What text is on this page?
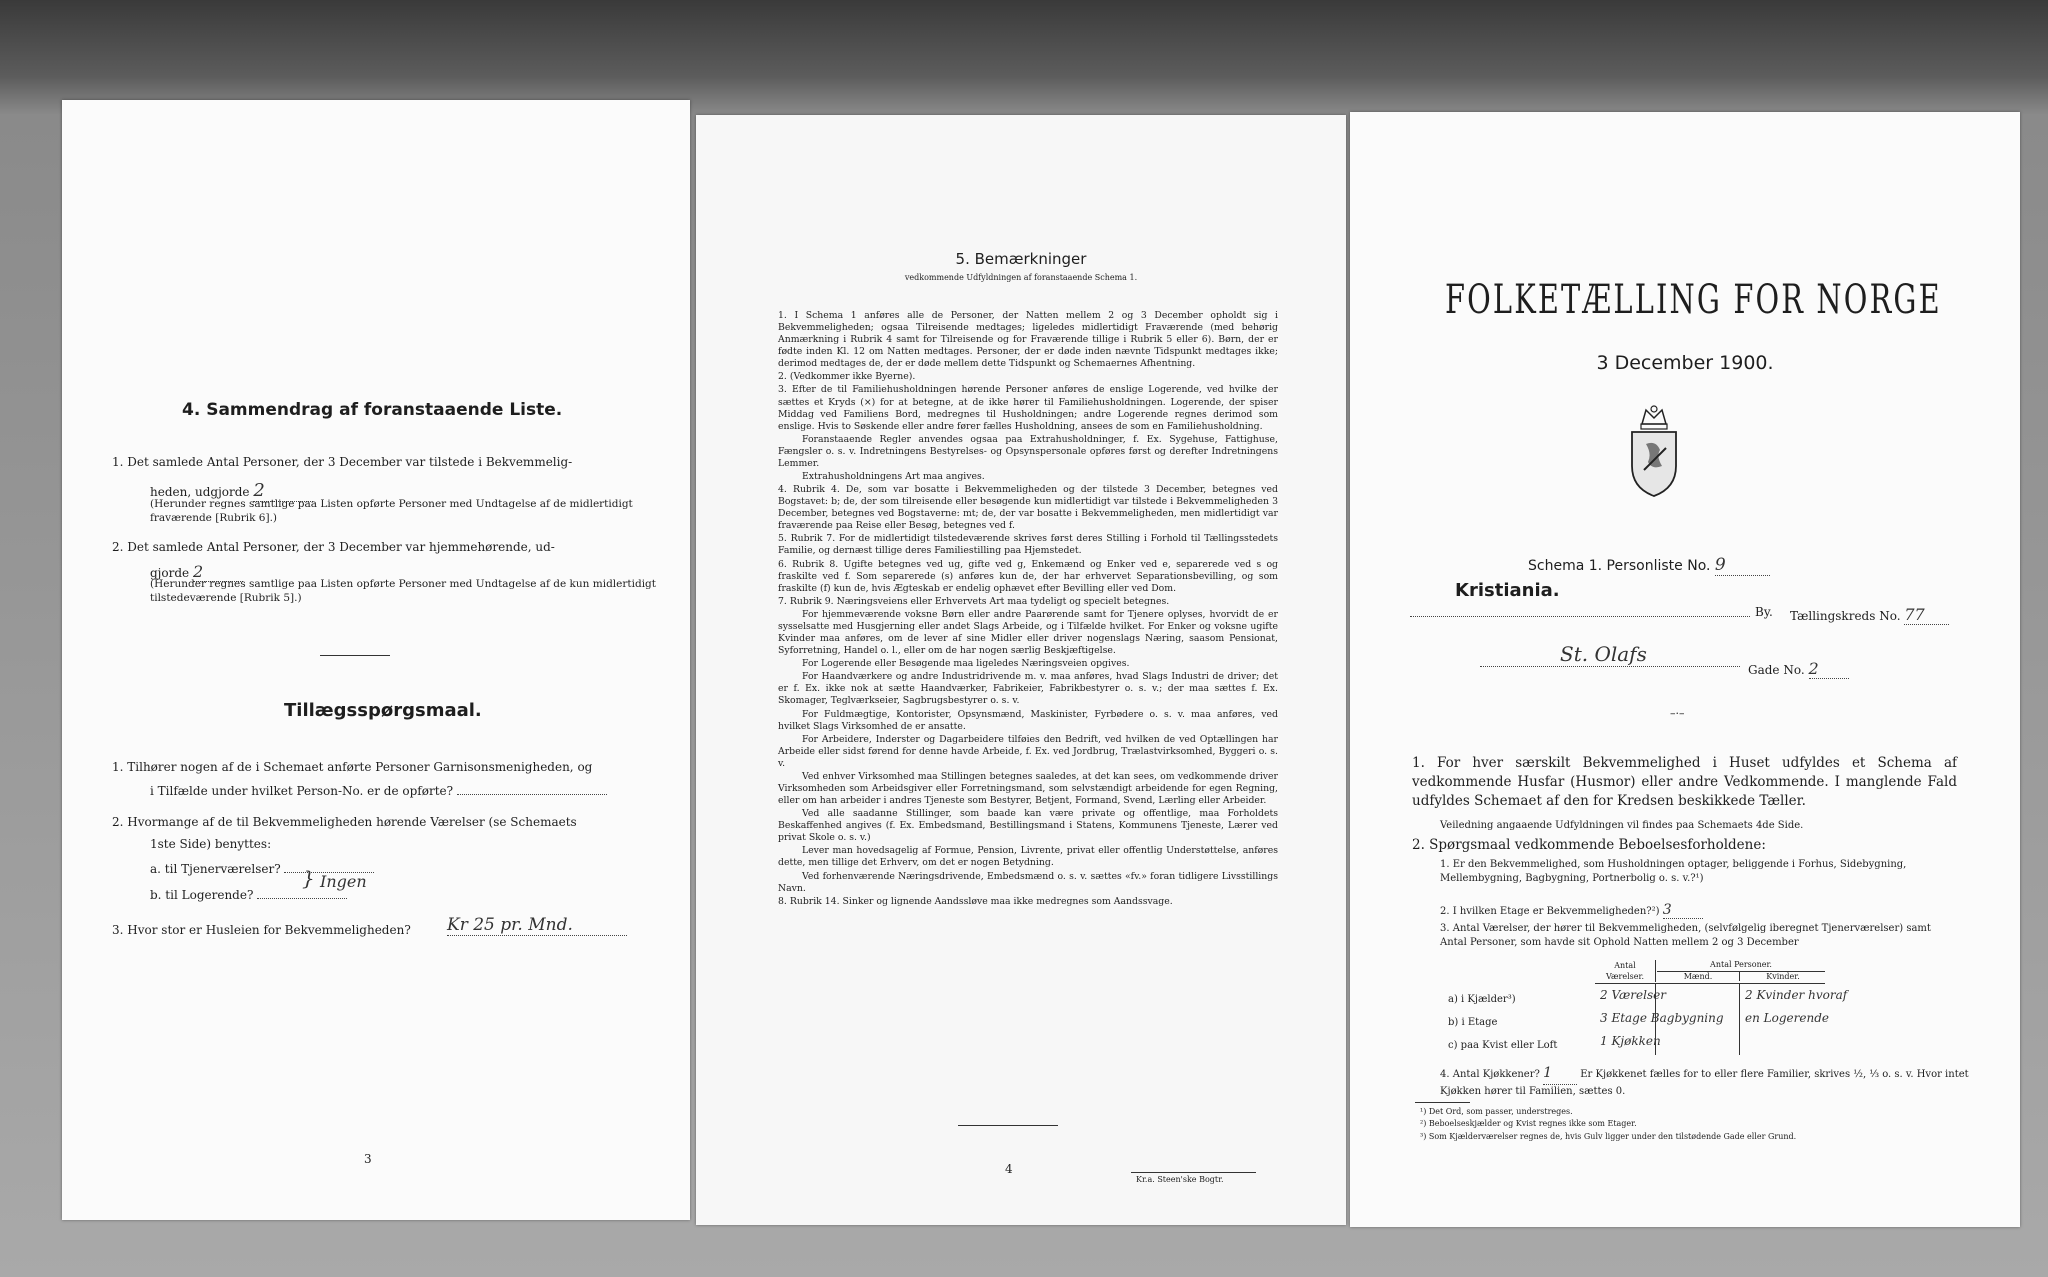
4. Sammendrag af foranstaaende Liste.
1. Det samlede Antal Personer, der 3 December var tilstede i Bekvemmelig-
heden, udgjorde 2
(Herunder regnes samtlige paa Listen opførte Personer med Undtagelse af de midlertidigt fraværende [Rubrik 6].)
2. Det samlede Antal Personer, der 3 December var hjemmehørende, ud-
gjorde 2
(Herunder regnes samtlige paa Listen opførte Personer med Undtagelse af de kun midlertidigt tilstedeværende [Rubrik 5].)
Tillægsspørgsmaal.
1. Tilhører nogen af de i Schemaet anførte Personer Garnisonsmenigheden, og
i Tilfælde under hvilket Person-No. er de opførte?
2. Hvormange af de til Bekvemmeligheden hørende Værelser (se Schemaets
1ste Side) benyttes:
a. til Tjenerværelser?
b. til Logerende?
} Ingen
3. Hvor stor er Husleien for Bekvemmeligheden? Kr 25 pr. Mnd.
3
5. Bemærkninger
vedkommende Udfyldningen af foranstaaende Schema 1.

1. I Schema 1 anføres alle de Personer, der Natten mellem 2 og 3 December opholdt sig i Bekvemmeligheden; ogsaa Tilreisende medtages; ligeledes midlertidigt Fraværende (med behørig Anmærkning i Rubrik 4 samt for Tilreisende og for Fraværende tillige i Rubrik 5 eller 6). Børn, der er fødte inden Kl. 12 om Natten medtages. Personer, der er døde inden nævnte Tidspunkt medtages ikke; derimod medtages de, der er døde mellem dette Tidspunkt og Schemaernes Afhentning.

2. (Vedkommer ikke Byerne).

3. Efter de til Familiehusholdningen hørende Personer anføres de enslige Logerende, ved hvilke der sættes et Kryds (×) for at betegne, at de ikke hører til Familiehusholdningen. Logerende, der spiser Middag ved Familiens Bord, medregnes til Husholdningen; andre Logerende regnes derimod som enslige. Hvis to Søskende eller andre fører fælles Husholdning, ansees de som en Familiehusholdning.

Foranstaaende Regler anvendes ogsaa paa Extrahusholdninger, f. Ex. Sygehuse, Fattighuse, Fængsler o. s. v. Indretningens Bestyrelses- og Opsynspersonale opføres først og derefter Indretningens Lemmer.

Extrahusholdningens Art maa angives.

4. Rubrik 4. De, som var bosatte i Bekvemmeligheden og der tilstede 3 December, betegnes ved Bogstavet: b; de, der som tilreisende eller besøgende kun midlertidigt var tilstede i Bekvemmeligheden 3 December, betegnes ved Bogstaverne: mt; de, der var bosatte i Bekvemmeligheden, men midlertidigt var fraværende paa Reise eller Besøg, betegnes ved f.

5. Rubrik 7. For de midlertidigt tilstedeværende skrives først deres Stilling i Forhold til Tællingsstedets Familie, og dernæst tillige deres Familiestilling paa Hjemstedet.

6. Rubrik 8. Ugifte betegnes ved ug, gifte ved g, Enkemænd og Enker ved e, separerede ved s og fraskilte ved f. Som separerede (s) anføres kun de, der har erhvervet Separationsbevilling, og som fraskilte (f) kun de, hvis Ægteskab er endelig ophævet efter Bevilling eller ved Dom.

7. Rubrik 9. Næringsveiens eller Erhvervets Art maa tydeligt og specielt betegnes.

For hjemmeværende voksne Børn eller andre Paarørende samt for Tjenere oplyses, hvorvidt de er sysselsatte med Husgjerning eller andet Slags Arbeide, og i Tilfælde hvilket. For Enker og voksne ugifte Kvinder maa anføres, om de lever af sine Midler eller driver nogenslags Næring, saasom Pensionat, Syforretning, Handel o. l., eller om de har nogen særlig Beskjæftigelse.

For Logerende eller Besøgende maa ligeledes Næringsveien opgives.

For Haandværkere og andre Industridrivende m. v. maa anføres, hvad Slags Industri de driver; det er f. Ex. ikke nok at sætte Haandværker, Fabrikeier, Fabrikbestyrer o. s. v.; der maa sættes f. Ex. Skomager, Teglværkseier, Sagbrugsbestyrer o. s. v.

For Fuldmægtige, Kontorister, Opsynsmænd, Maskinister, Fyrbødere o. s. v. maa anføres, ved hvilket Slags Virksomhed de er ansatte.

For Arbeidere, Inderster og Dagarbeidere tilføies den Bedrift, ved hvilken de ved Optællingen har Arbeide eller sidst førend for denne havde Arbeide, f. Ex. ved Jordbrug, Trælastvirksomhed, Byggeri o. s. v.

Ved enhver Virksomhed maa Stillingen betegnes saaledes, at det kan sees, om vedkommende driver Virksomheden som Arbeidsgiver eller Forretningsmand, som selvstændigt arbeidende for egen Regning, eller om han arbeider i andres Tjeneste som Bestyrer, Betjent, Formand, Svend, Lærling eller Arbeider.

Ved alle saadanne Stillinger, som baade kan være private og offentlige, maa Forholdets Beskaffenhed angives (f. Ex. Embedsmand, Bestillingsmand i Statens, Kommunens Tjeneste, Lærer ved privat Skole o. s. v.)

Lever man hovedsagelig af Formue, Pension, Livrente, privat eller offentlig Understøttelse, anføres dette, men tillige det Erhverv, om det er nogen Betydning.

Ved forhenværende Næringsdrivende, Embedsmænd o. s. v. sættes «fv.» foran tidligere Livsstillings Navn.

8. Rubrik 14. Sinker og lignende Aandssløve maa ikke medregnes som Aandssvage.

4
Kr.a. Steen'ske Bogtr.
FOLKETÆLLING FOR NORGE
3 December 1900.
Schema 1. Personliste No. 9
Kristiania.
By. Tællingskreds No. 77
St. Olafs
Gade No. 2
–·–
1. For hver særskilt Bekvemmelighed i Huset udfyldes et Schema af vedkommende Husfar (Husmor) eller andre Vedkommende. I manglende Fald udfyldes Schemaet af den for Kredsen beskikkede Tæller.
Veiledning angaaende Udfyldningen vil findes paa Schemaets 4de Side.
2. Spørgsmaal vedkommende Beboelsesforholdene:
1. Er den Bekvemmelighed, som Husholdningen optager, beliggende i Forhus, Sidebygning, Mellembygning, Bagbygning, Portnerbolig o. s. v.?¹)
2. I hvilken Etage er Bekvemmeligheden?²) 3
3. Antal Værelser, der hører til Bekvemmeligheden, (selvfølgelig iberegnet Tjenerværelser) samt Antal Personer, som havde sit Ophold Natten mellem 2 og 3 December
Antal Værelser.
Antal Personer.
Mænd.	Kvinder.
a) i Kjælder³)
b) i Etage
c) paa Kvist eller Loft
2 Værelser
3 Etage Bagbygning
1 Kjøkken
2 Kvinder hvoraf
en Logerende
4. Antal Kjøkkener? 1	Er Kjøkkenet fælles for to eller flere Familier, skrives ½, ⅓ o. s. v. Hvor intet Kjøkken hører til Familien, sættes 0.
¹) Det Ord, som passer, understreges.
²) Beboelseskjælder og Kvist regnes ikke som Etager.
³) Som Kjælderværelser regnes de, hvis Gulv ligger under den tilstødende Gade eller Grund.
